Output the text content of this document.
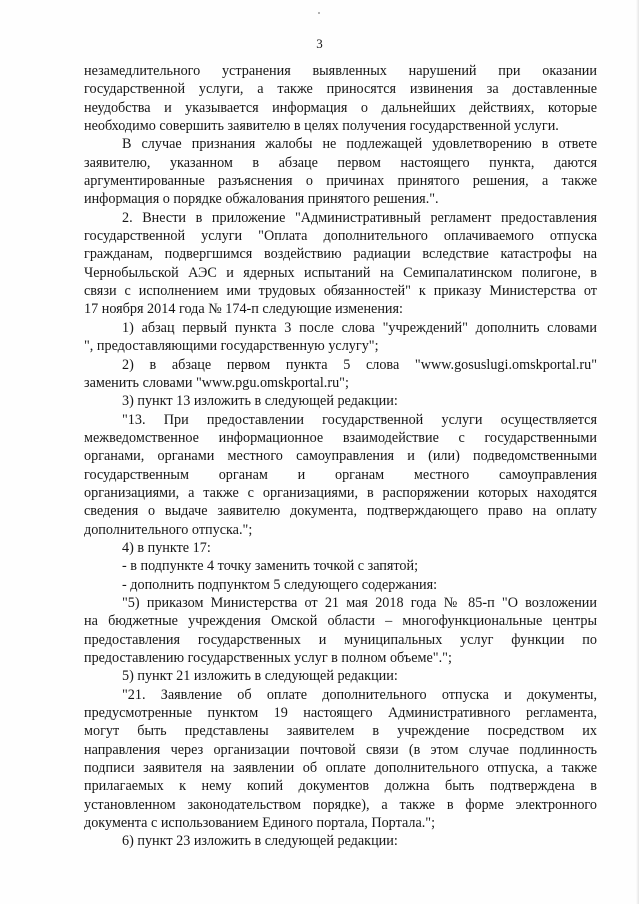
3
незамедлительного устранения выявленных нарушений при оказании
государственной услуги, а также приносятся извинения за доставленные
неудобства и указывается информация о дальнейших действиях, которые
необходимо совершить заявителю в целях получения государственной услуги.
В случае признания жалобы не подлежащей удовлетворению в ответе
заявителю, указанном в абзаце первом настоящего пункта, даются
аргументированные разъяснения о причинах принятого решения, а также
информация о порядке обжалования принятого решения.".
2. Внести в приложение "Административный регламент предоставления
государственной услуги "Оплата дополнительного оплачиваемого отпуска
гражданам, подвергшимся воздействию радиации вследствие катастрофы на
Чернобыльской АЭС и ядерных испытаний на Семипалатинском полигоне, в
связи с исполнением ими трудовых обязанностей" к приказу Министерства от
17 ноября 2014 года № 174-п следующие изменения:
1) абзац первый пункта 3 после слова "учреждений" дополнить словами
", предоставляющими государственную услугу";
2) в абзаце первом пункта 5 слова "www.gosuslugi.omskportal.ru"
заменить словами "www.pgu.omskportal.ru";
3) пункт 13 изложить в следующей редакции:
"13. При предоставлении государственной услуги осуществляется
межведомственное информационное взаимодействие с государственными
органами, органами местного самоуправления и (или) подведомственными
государственным органам и органам местного самоуправления
организациями, а также с организациями, в распоряжении которых находятся
сведения о выдаче заявителю документа, подтверждающего право на оплату
дополнительного отпуска.";
4) в пункте 17:
- в подпункте 4 точку заменить точкой с запятой;
- дополнить подпунктом 5 следующего содержания:
"5) приказом Министерства от 21 мая 2018 года № 85-п "О возложении
на бюджетные учреждения Омской области – многофункциональные центры
предоставления государственных и муниципальных услуг функции по
предоставлению государственных услуг в полном объеме".";
5) пункт 21 изложить в следующей редакции:
"21. Заявление об оплате дополнительного отпуска и документы,
предусмотренные пунктом 19 настоящего Административного регламента,
могут быть представлены заявителем в учреждение посредством их
направления через организации почтовой связи (в этом случае подлинность
подписи заявителя на заявлении об оплате дополнительного отпуска, а также
прилагаемых к нему копий документов должна быть подтверждена в
установленном законодательством порядке), а также в форме электронного
документа с использованием Единого портала, Портала.";
6) пункт 23 изложить в следующей редакции:
